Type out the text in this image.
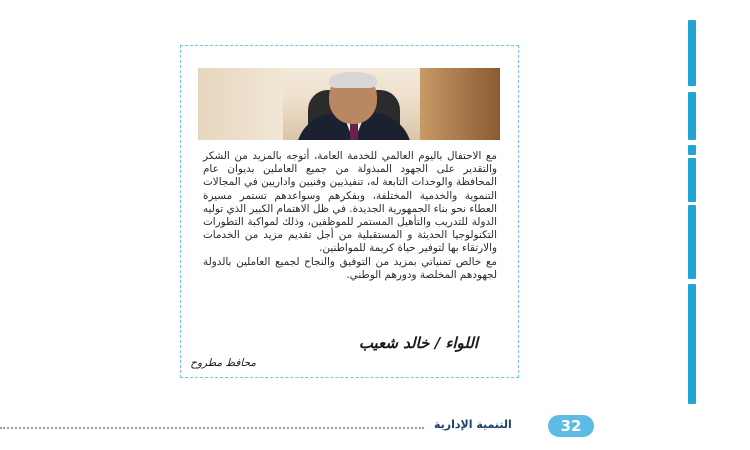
مع الاحتفال باليوم العالمي للخدمة العامة، أتوجه بالمزيد من الشكر والتقدير على الجهود المبذولة من جميع العاملين بديوان عام المحافظة والوحدات التابعة له، تنفيذيين وفنيين واداريين في المجالات التنموية والخدمية المختلفة، وبفكرهم وسواعدهم تستمر مسيرة العطاء نحو بناء الجمهورية الجديدة. في ظل الاهتمام الكبير الذي توليه الدولة للتدريب والتأهيل المستمر للموظفين، وذلك لمواكبة التطورات التكنولوجيا الحديثة و المستقبلية من أجل تقديم مزيد من الخدمات والارتقاء بها لتوفير حياة كريمة للمواطنين.

مع خالص تمنياتي بمزيد من التوفيق والنجاح لجميع العاملين بالدولة لجهودهم المخلصة ودورهم الوطني.

اللواء / خالد شعيب
محافظ مطروح
التنمية الإدارية	32
